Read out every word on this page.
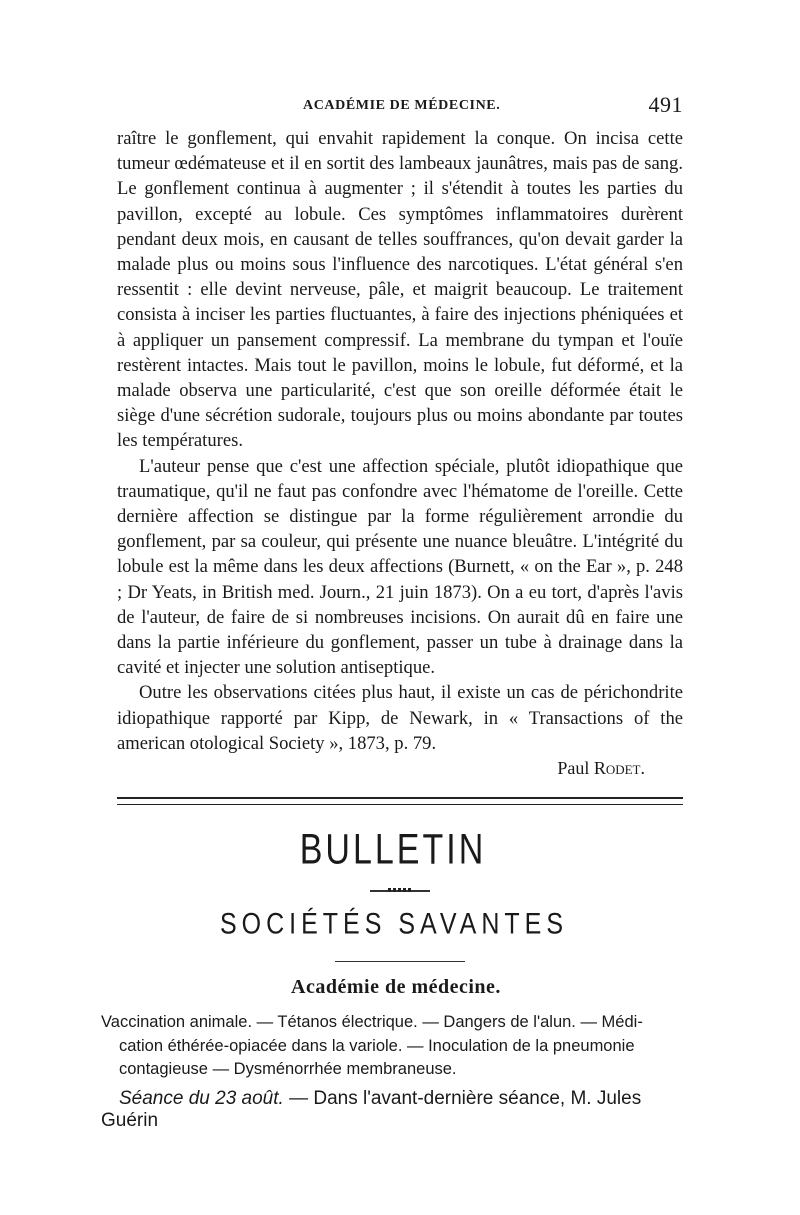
ACADÉMIE DE MÉDECINE.	491

raître le gonflement, qui envahit rapidement la conque. On incisa cette tumeur œdémateuse et il en sortit des lambeaux jaunâtres, mais pas de sang. Le gonflement continua à augmenter ; il s'étendit à toutes les parties du pavillon, excepté au lobule. Ces symptômes inflammatoires durèrent pendant deux mois, en causant de telles souffrances, qu'on devait garder la malade plus ou moins sous l'influence des narcotiques. L'état général s'en ressentit : elle devint nerveuse, pâle, et maigrit beaucoup. Le traitement consista à inciser les parties fluctuantes, à faire des injections phéniquées et à appliquer un pansement compressif. La membrane du tympan et l'ouïe restèrent intactes. Mais tout le pavillon, moins le lobule, fut déformé, et la malade observa une particularité, c'est que son oreille déformée était le siège d'une sécrétion sudorale, toujours plus ou moins abondante par toutes les températures.

L'auteur pense que c'est une affection spéciale, plutôt idiopathique que traumatique, qu'il ne faut pas confondre avec l'hématome de l'oreille. Cette dernière affection se distingue par la forme régulièrement arrondie du gonflement, par sa couleur, qui présente une nuance bleuâtre. L'intégrité du lobule est la même dans les deux affections (Burnett, « on the Ear », p. 248 ; Dr Yeats, in British med. Journ., 21 juin 1873). On a eu tort, d'après l'avis de l'auteur, de faire de si nombreuses incisions. On aurait dû en faire une dans la partie inférieure du gonflement, passer un tube à drainage dans la cavité et injecter une solution antiseptique.

Outre les observations citées plus haut, il existe un cas de périchondrite idiopathique rapporté par Kipp, de Newark, in « Transactions of the american otological Society », 1873, p. 79.

Paul Rodet.
BULLETIN
SOCIÉTÉS SAVANTES
Académie de médecine.
Vaccination animale. — Tétanos électrique. — Dangers de l'alun. — Médi-
cation éthérée-opiacée dans la variole. — Inoculation de la pneumonie
contagieuse — Dysménorrhée membraneuse.
Séance du 23 août. — Dans l'avant-dernière séance, M. Jules Guérin
